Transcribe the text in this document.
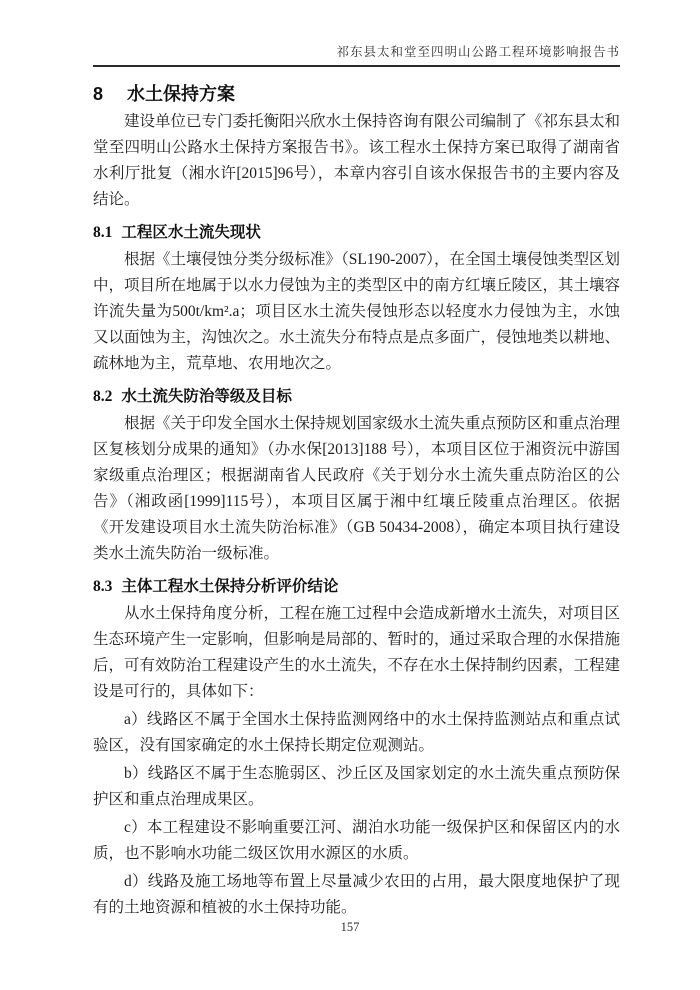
祁东县太和堂至四明山公路工程环境影响报告书
8 水土保持方案

建设单位已专门委托衡阳兴欣水土保持咨询有限公司编制了《祁东县太和堂至四明山公路水土保持方案报告书》。该工程水土保持方案已取得了湖南省水利厅批复（湘水许[2015]96号），本章内容引自该水保报告书的主要内容及结论。

8.1 工程区水土流失现状

根据《土壤侵蚀分类分级标准》（SL190-2007），在全国土壤侵蚀类型区划中，项目所在地属于以水力侵蚀为主的类型区中的南方红壤丘陵区，其土壤容许流失量为500t/km².a；项目区水土流失侵蚀形态以轻度水力侵蚀为主，水蚀又以面蚀为主，沟蚀次之。水土流失分布特点是点多面广，侵蚀地类以耕地、疏林地为主，荒草地、农用地次之。

8.2 水土流失防治等级及目标

根据《关于印发全国水土保持规划国家级水土流失重点预防区和重点治理区复核划分成果的通知》（办水保[2013]188 号），本项目区位于湘资沅中游国家级重点治理区；根据湖南省人民政府《关于划分水土流失重点防治区的公告》（湘政函[1999]115号），本项目区属于湘中红壤丘陵重点治理区。依据《开发建设项目水土流失防治标准》（GB 50434-2008），确定本项目执行建设类水土流失防治一级标准。

8.3 主体工程水土保持分析评价结论

从水土保持角度分析，工程在施工过程中会造成新增水土流失，对项目区生态环境产生一定影响，但影响是局部的、暂时的，通过采取合理的水保措施后，可有效防治工程建设产生的水土流失，不存在水土保持制约因素，工程建设是可行的，具体如下：

a）线路区不属于全国水土保持监测网络中的水土保持监测站点和重点试验区，没有国家确定的水土保持长期定位观测站。

b）线路区不属于生态脆弱区、沙丘区及国家划定的水土流失重点预防保护区和重点治理成果区。

c）本工程建设不影响重要江河、湖泊水功能一级保护区和保留区内的水质，也不影响水功能二级区饮用水源区的水质。

d）线路及施工场地等布置上尽量减少农田的占用，最大限度地保护了现有的土地资源和植被的水土保持功能。

157
